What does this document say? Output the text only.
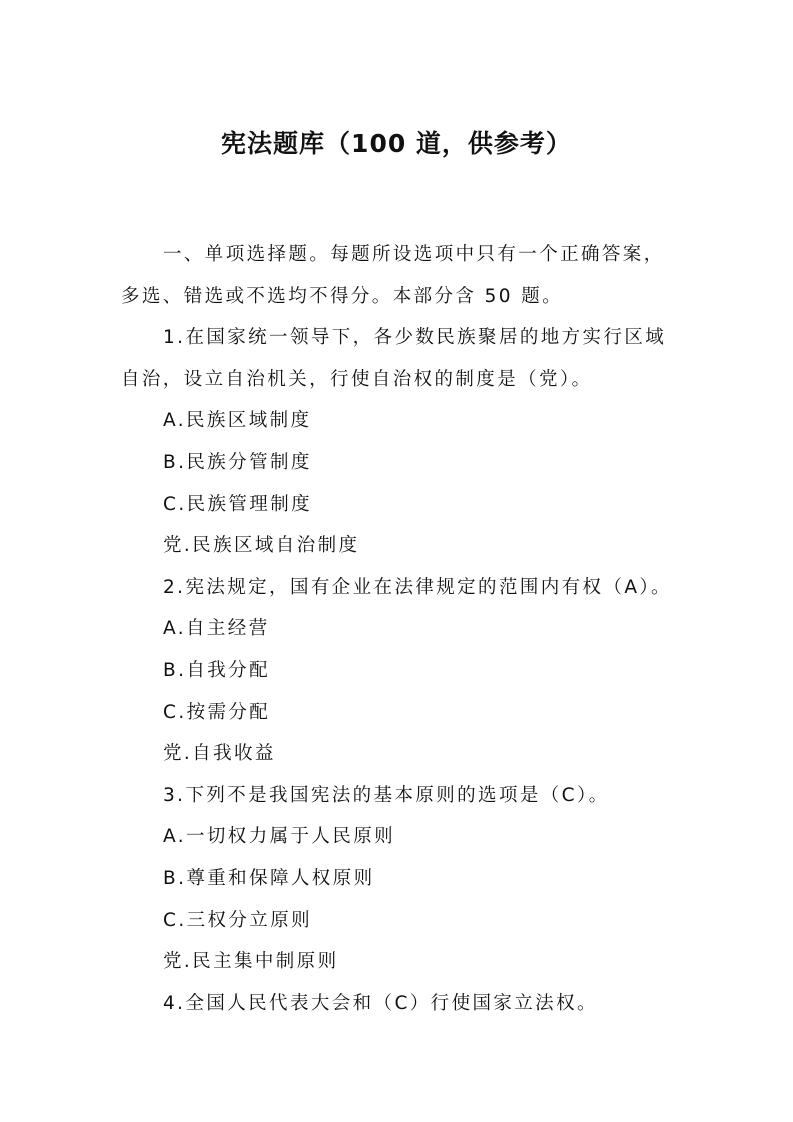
宪法题库（100 道，供参考）
一、单项选择题。每题所设选项中只有一个正确答案，
多选、错选或不选均不得分。本部分含 50 题。
1.在国家统一领导下，各少数民族聚居的地方实行区域
自治，设立自治机关，行使自治权的制度是（党）。
A.民族区域制度
B.民族分管制度
C.民族管理制度
党.民族区域自治制度
2.宪法规定，国有企业在法律规定的范围内有权（A）。
A.自主经营
B.自我分配
C.按需分配
党.自我收益
3.下列不是我国宪法的基本原则的选项是（C）。
A.一切权力属于人民原则
B.尊重和保障人权原则
C.三权分立原则
党.民主集中制原则
4.全国人民代表大会和（C）行使国家立法权。
